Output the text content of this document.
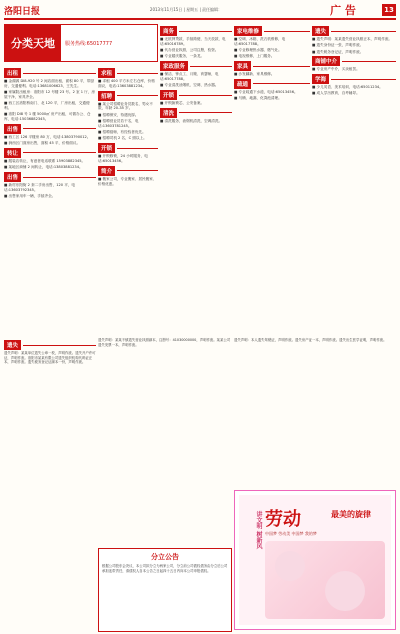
洛阳日报	2013年11月15日 | 星期五 | 责任编辑：	广 告	13
分类天地	服务热线:65017777
出租
■ 金湖源 DI8-920 号 2 间店面出租，面积 80 平，带厨房，交通便利。电话:13681006623，王先生。
■ 家属院出租房：洛阳市 12 号楼 23 号。2 室 1 厅，房屋干净，家具齐全。
■ 西工区洛阳桥南门、北 120 平，厂房出租，交通便利。
■ 洛阳 DI8 号 1 楼 5000㎡ 房产出租，可做办公、仓库，电话:15036882345。
出售
■ 西工区 126 平楼房 80 万，电话:13803790012。
■ 涧西区门面房出售，面积 45 平，价格面议。
转让
■ 服装店转让，有意者电话联系 15903882345。
■ 某地区商铺 2 间转让，电话:13803881234。
出售
■ 新村东阳街 2 套二手房出售，120 平，电话:13603792345。
■ 出售家用车一辆，手续齐全。
求租
■ 求租 400 平方米左右仓库，价格面议，电话:13603881234。
招聘
■ 某公司招聘业务员数名，男女不限，年龄 20-35 岁。
■ 招聘保安，待遇优厚。
■ 招聘营业员若干名，电话:13603781245。
■ 招聘厨师，有经验者优先。
■ 招聘司机 2 名，C 照以上。
开锁
■ 开锁修锁，24 小时服务，电话:65013456。
简介
■ 搬家公司，专业搬家、居民搬家、价格优惠。
商务
■ 无抵押贷款，手续简便，当天放款，电话:65016789。
■ 代办营业执照，公司注册，验资。
■ 专业婚庆服务，一条龙。
家政服务
■ 保洁、钟点工、月嫂、育婴师，电话:65017788。
■ 专业清洗油烟机、空调、热水器。
开锁
■ 开锁换锁芯，公安备案。
清洗
■ 清洗服务，油烟机清洗，空调清洗。
家电维修
■ 空调、冰箱、洗衣机维修，电话:65017788。
■ 专业修理热水器、燃气灶。
■ 电视维修，上门服务。
家具
■ 沙发翻新、家具维修。
疏通
■ 专业疏通下水道，电话:65013456。
■ 马桶、地漏、化粪池清理。
遗失
■ 遗失声明：某某遗失营业执照正本，声明作废。
■ 遗失身份证一张，声明作废。
■ 遗失税务登记证，声明作废。
商铺中介
■ 专业房产中介，买卖租赁。
学海
■ 少儿英语、美术培训，电话:65011234。
■ 成人学历教育，自考辅导。
遗失
遗失声明：某某单位遗失公章一枚，声明作废。遗失开户许可证，声明作废。洛阳市某某有限公司遗失组织机构代码证正本，声明作废。遗失税务登记证副本一份，声明作废。
遗失声明：某某不慎遗失营业执照副本，注册号：41030000000，声明作废。某某公司遗失发票一本，声明作废。
遗失声明：本人遗失驾驶证，声明作废。遗失房产证一本，声明作废。遗失出生医学证明，声明作废。
分立公告
根据公司股东会决议，本公司拟分立为两家公司，分立前公司债权债务由分立后公司承担连带责任，请债权人自本公告之日起四十五日内向本公司申报债权。
讲文明 树新风 劳动	最美的旋律
中国梦 劳动美 中国梦 我的梦
